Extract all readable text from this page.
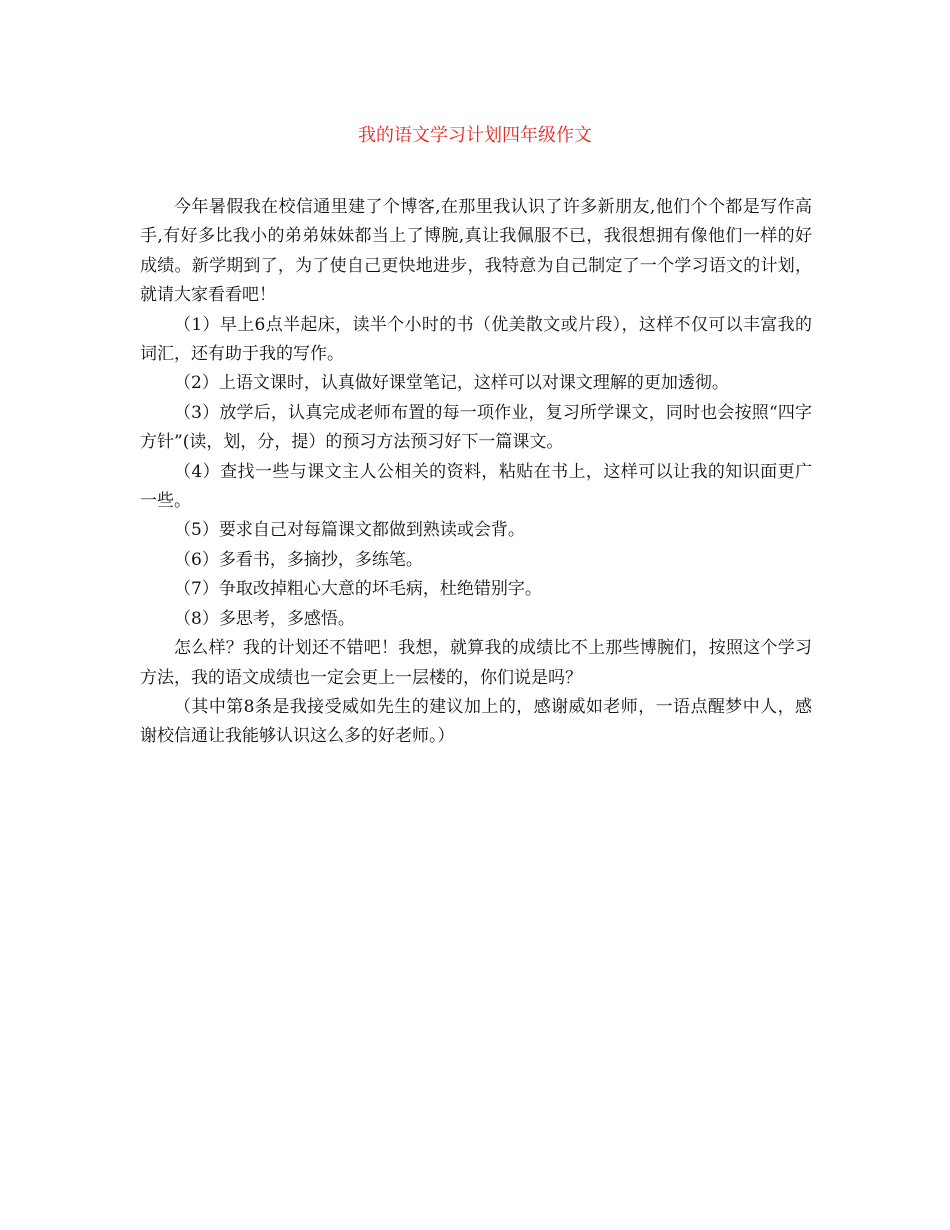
我的语文学习计划四年级作文

今年暑假我在校信通里建了个博客,在那里我认识了许多新朋友,他们个个都是写作高手,有好多比我小的弟弟妹妹都当上了博腕,真让我佩服不已，我很想拥有像他们一样的好成绩。新学期到了，为了使自己更快地进步，我特意为自己制定了一个学习语文的计划，就请大家看看吧！

（1）早上6点半起床，读半个小时的书（优美散文或片段），这样不仅可以丰富我的词汇，还有助于我的写作。

（2）上语文课时，认真做好课堂笔记，这样可以对课文理解的更加透彻。

（3）放学后，认真完成老师布置的每一项作业，复习所学课文，同时也会按照“四字方针”(读，划，分，提）的预习方法预习好下一篇课文。

（4）查找一些与课文主人公相关的资料，粘贴在书上，这样可以让我的知识面更广一些。

（5）要求自己对每篇课文都做到熟读或会背。

（6）多看书，多摘抄，多练笔。

（7）争取改掉粗心大意的坏毛病，杜绝错别字。

（8）多思考，多感悟。

怎么样？我的计划还不错吧！我想，就算我的成绩比不上那些博腕们，按照这个学习方法，我的语文成绩也一定会更上一层楼的，你们说是吗？

（其中第8条是我接受威如先生的建议加上的，感谢威如老师，一语点醒梦中人，感谢校信通让我能够认识这么多的好老师。）
